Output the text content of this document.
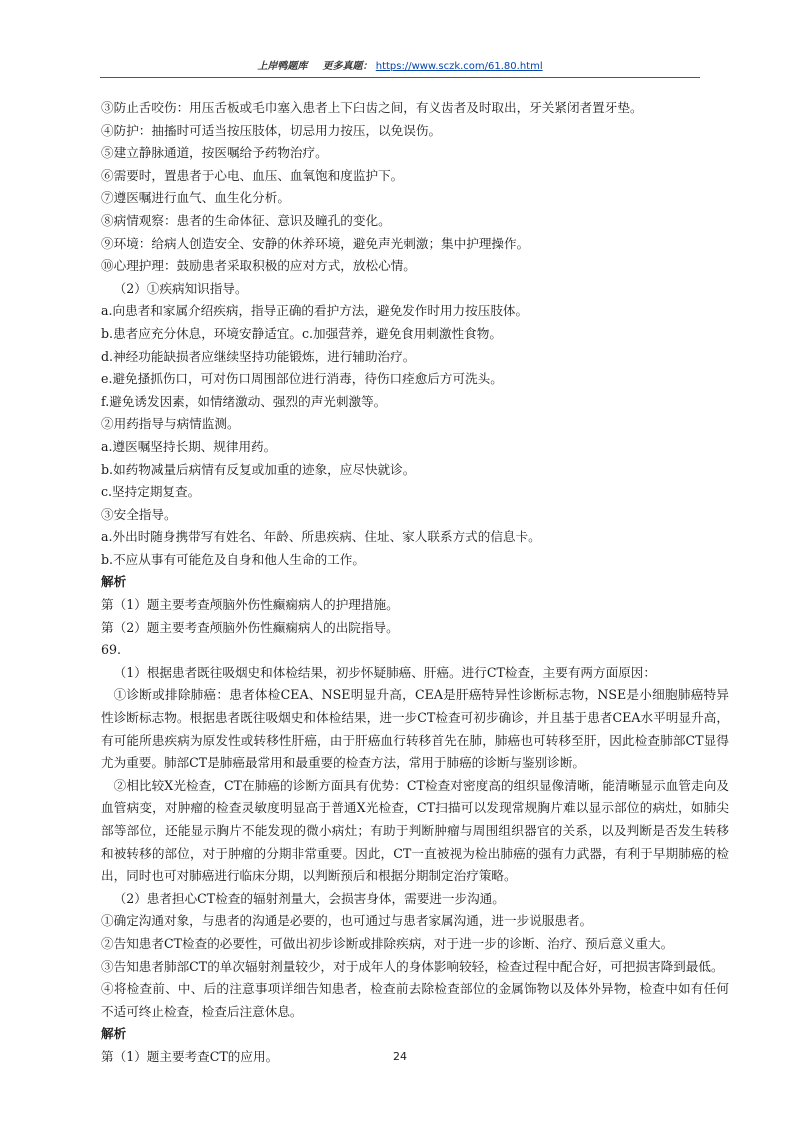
上岸鸭题库 更多真题： https://www.sczk.com/61.80.html

③防止舌咬伤：用压舌板或毛巾塞入患者上下臼齿之间，有义齿者及时取出，牙关紧闭者置牙垫。

④防护：抽搐时可适当按压肢体，切忌用力按压，以免误伤。

⑤建立静脉通道，按医嘱给予药物治疗。

⑥需要时，置患者于心电、血压、血氧饱和度监护下。

⑦遵医嘱进行血气、血生化分析。

⑧病情观察：患者的生命体征、意识及瞳孔的变化。

⑨环境：给病人创造安全、安静的休养环境，避免声光刺激；集中护理操作。

⑩心理护理：鼓励患者采取积极的应对方式，放松心情。

（2）①疾病知识指导。

a.向患者和家属介绍疾病，指导正确的看护方法，避免发作时用力按压肢体。

b.患者应充分休息，环境安静适宜。c.加强营养，避免食用刺激性食物。

d.神经功能缺损者应继续坚持功能锻炼，进行辅助治疗。

e.避免搔抓伤口，可对伤口周围部位进行消毒，待伤口痊愈后方可洗头。

f.避免诱发因素，如情绪激动、强烈的声光刺激等。

②用药指导与病情监测。

a.遵医嘱坚持长期、规律用药。

b.如药物减量后病情有反复或加重的迹象，应尽快就诊。

c.坚持定期复查。

③安全指导。

a.外出时随身携带写有姓名、年龄、所患疾病、住址、家人联系方式的信息卡。

b.不应从事有可能危及自身和他人生命的工作。

解析

第（1）题主要考查颅脑外伤性癫痫病人的护理措施。

第（2）题主要考查颅脑外伤性癫痫病人的出院指导。

69.

（1）根据患者既往吸烟史和体检结果，初步怀疑肺癌、肝癌。进行CT检查，主要有两方面原因：

①诊断或排除肺癌：患者体检CEA、NSE明显升高，CEA是肝癌特异性诊断标志物，NSE是小细胞肺癌特异性诊断标志物。根据患者既往吸烟史和体检结果，进一步CT检查可初步确诊，并且基于患者CEA水平明显升高，有可能所患疾病为原发性或转移性肝癌，由于肝癌血行转移首先在肺，肺癌也可转移至肝，因此检查肺部CT显得尤为重要。肺部CT是肺癌最常用和最重要的检查方法，常用于肺癌的诊断与鉴别诊断。

②相比较X光检查，CT在肺癌的诊断方面具有优势：CT检查对密度高的组织显像清晰，能清晰显示血管走向及血管病变，对肿瘤的检查灵敏度明显高于普通X光检查，CT扫描可以发现常规胸片难以显示部位的病灶，如肺尖部等部位，还能显示胸片不能发现的微小病灶；有助于判断肿瘤与周围组织器官的关系，以及判断是否发生转移和被转移的部位，对于肿瘤的分期非常重要。因此，CT一直被视为检出肺癌的强有力武器，有利于早期肺癌的检出，同时也可对肺癌进行临床分期，以判断预后和根据分期制定治疗策略。

（2）患者担心CT检查的辐射剂量大，会损害身体，需要进一步沟通。

①确定沟通对象，与患者的沟通是必要的，也可通过与患者家属沟通，进一步说服患者。

②告知患者CT检查的必要性，可做出初步诊断或排除疾病，对于进一步的诊断、治疗、预后意义重大。

③告知患者肺部CT的单次辐射剂量较少，对于成年人的身体影响较轻，检查过程中配合好，可把损害降到最低。

④将检查前、中、后的注意事项详细告知患者，检查前去除检查部位的金属饰物以及体外异物，检查中如有任何不适可终止检查，检查后注意休息。

解析

第（1）题主要考查CT的应用。	24
